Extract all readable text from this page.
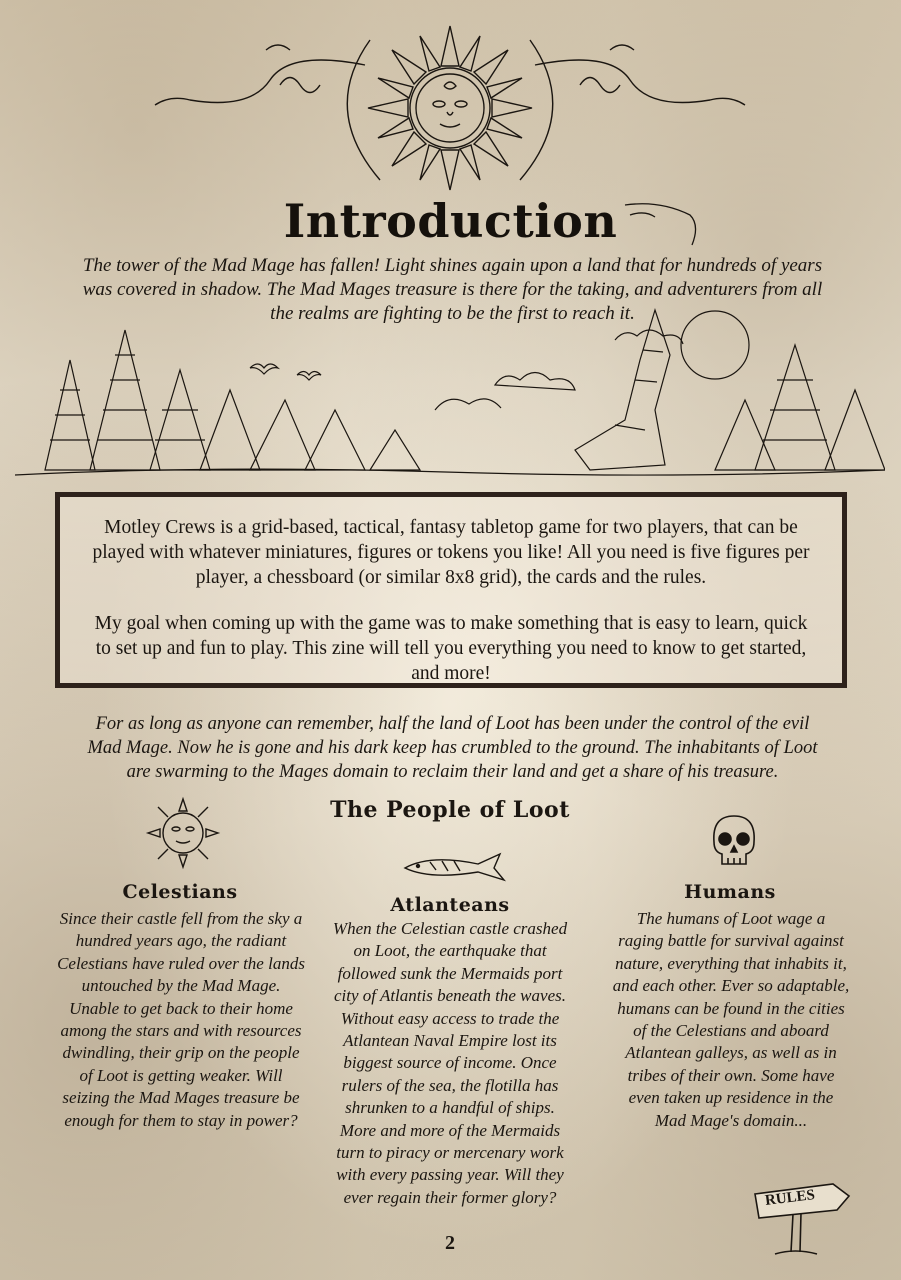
Introduction
The tower of the Mad Mage has fallen! Light shines again upon a land that for hundreds of years was covered in shadow. The Mad Mages treasure is there for the taking, and adventurers from all the realms are fighting to be the first to reach it.

Motley Crews is a grid-based, tactical, fantasy tabletop game for two players, that can be played with whatever miniatures, figures or tokens you like! All you need is five figures per player, a chessboard (or similar 8x8 grid), the cards and the rules.

My goal when coming up with the game was to make something that is easy to learn, quick to set up and fun to play. This zine will tell you everything you need to know to get started, and more!

For as long as anyone can remember, half the land of Loot has been under the control of the evil Mad Mage. Now he is gone and his dark keep has crumbled to the ground. The inhabitants of Loot are swarming to the Mages domain to reclaim their land and get a share of his treasure.
The People of Loot
Celestians
Since their castle fell from the sky a hundred years ago, the radiant Celestians have ruled over the lands untouched by the Mad Mage. Unable to get back to their home among the stars and with resources dwindling, their grip on the people of Loot is getting weaker. Will seizing the Mad Mages treasure be enough for them to stay in power?
Atlanteans
When the Celestian castle crashed on Loot, the earthquake that followed sunk the Mermaids port city of Atlantis beneath the waves. Without easy access to trade the Atlantean Naval Empire lost its biggest source of income. Once rulers of the sea, the flotilla has shrunken to a handful of ships. More and more of the Mermaids turn to piracy or mercenary work with every passing year. Will they ever regain their former glory?
Humans
The humans of Loot wage a raging battle for survival against nature, everything that inhabits it, and each other. Ever so adaptable, humans can be found in the cities of the Celestians and aboard Atlantean galleys, as well as in tribes of their own. Some have even taken up residence in the Mad Mage's domain...
2
RULES
